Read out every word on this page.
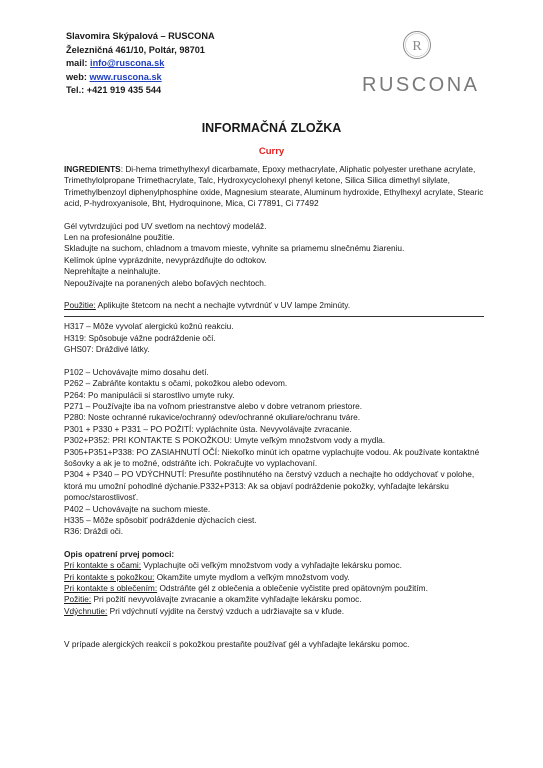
Slavomira Skýpalová – RUSCONA
Železničná 461/10, Poltár, 98701
mail: info@ruscona.sk
web: www.ruscona.sk
Tel.: +421 919 435 544
R
RUSCONA
INFORMAČNÁ ZLOŽKA
Curry

INGREDIENTS: Di-hema trimethylhexyl dicarbamate, Epoxy methacrylate, Aliphatic polyester urethane acrylate, Trimethylolpropane Trimethacrylate, Talc, Hydroxycyclohexyl phenyl ketone, Silica Silica dimethyl silylate, Trimethylbenzoyl diphenylphosphine oxide, Magnesium stearate, Aluminum hydroxide, Ethylhexyl acrylate, Stearic acid, P-hydroxyanisole, Bht, Hydroquinone, Mica, Ci 77891, Ci 77492

Gél vytvrdzujúci pod UV svetlom na nechtový modeláž.

Len na profesionálne použitie.

Skladujte na suchom, chladnom a tmavom mieste, vyhnite sa priamemu slnečnému žiareniu.

Kelímok úplne vyprázdnite, nevyprázdňujte do odtokov.

Neprehĺtajte a neinhalujte.

Nepoužívajte na poranených alebo boľavých nechtoch.

Použitie: Aplikujte štetcom na necht a nechajte vytvrdnúť v UV lampe 2minúty.

H317 – Môže vyvolať alergickú kožnú reakciu.

H319: Spôsobuje vážne podráždenie očí.

GHS07: Dráždivé látky.

P102 – Uchovávajte mimo dosahu detí.

P262 – Zabráňte kontaktu s očami, pokožkou alebo odevom.

P264: Po manipulácii si starostlivo umyte ruky.

P271 – Používajte iba na voľnom priestranstve alebo v dobre vetranom priestore.

P280: Noste ochranné rukavice/ochranný odev/ochranné okuliare/ochranu tváre.

P301 + P330 + P331 – PO POŽITÍ: vypláchnite ústa. Nevyvolávajte zvracanie.

P302+P352: PRI KONTAKTE S POKOŽKOU: Umyte veľkým množstvom vody a mydla.

P305+P351+P338: PO ZASIAHNUTÍ OČÍ: Niekoľko minút ich opatrne vyplachujte vodou. Ak používate kontaktné šošovky a ak je to možné, odstráňte ich. Pokračujte vo vyplachovaní.

P304 + P340 – PO VDÝCHNUTÍ: Presuňte postihnutého na čerstvý vzduch a nechajte ho oddychovať v polohe, ktorá mu umožní pohodlné dýchanie.P332+P313: Ak sa objaví podráždenie pokožky, vyhľadajte lekársku pomoc/starostlivosť.

P402 – Uchovávajte na suchom mieste.

H335 – Môže spôsobiť podráždenie dýchacích ciest.

R36: Dráždi oči.

Opis opatrení prvej pomoci:

Pri kontakte s očami: Vyplachujte oči veľkým množstvom vody a vyhľadajte lekársku pomoc.

Pri kontakte s pokožkou: Okamžite umyte mydlom a veľkým množstvom vody.

Pri kontakte s oblečením: Odstráňte gél z oblečenia a oblečenie vyčistite pred opätovným použitím.

Požitie: Pri požití nevyvolávajte zvracanie a okamžite vyhľadajte lekársku pomoc.

Vdýchnutie: Pri vdýchnutí vyjdite na čerstvý vzduch a udržiavajte sa v kľude.

V prípade alergických reakcií s pokožkou prestaňte používať gél a vyhľadajte lekársku pomoc.
